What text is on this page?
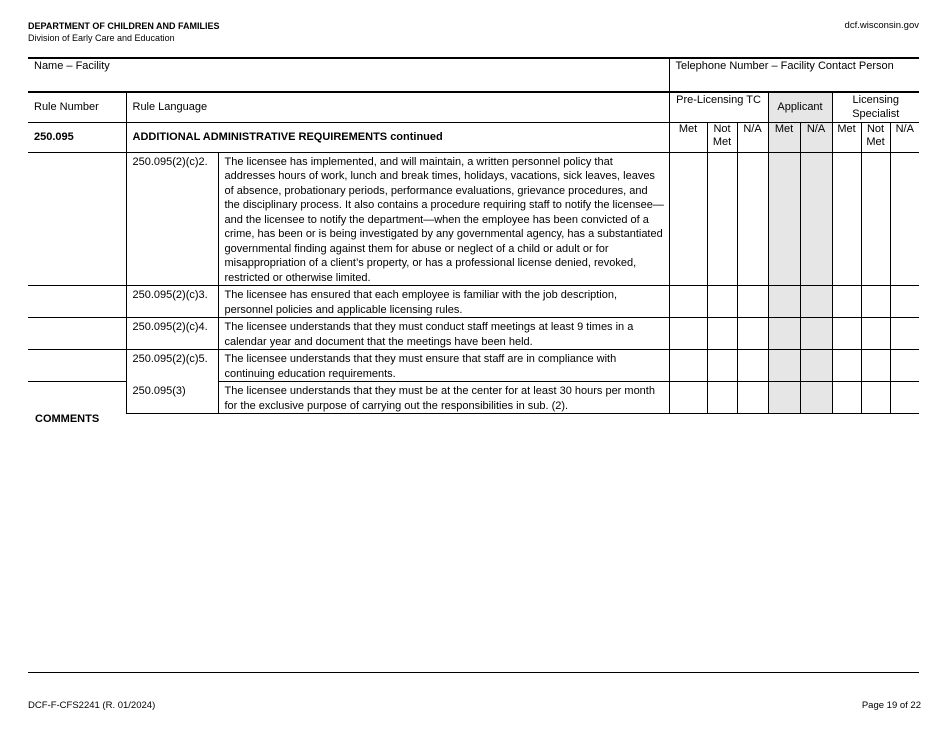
DEPARTMENT OF CHILDREN AND FAMILIES
Division of Early Care and Education
dcf.wisconsin.gov
Name – Facility			Telephone Number – Facility Contact Person							
Rule Number	Rule Language		Pre-Licensing TC			Applicant		Licensing Specialist		
250.095	ADDITIONAL ADMINISTRATIVE REQUIREMENTS continued		Met	Not Met	N/A	Met	N/A	Met	Not Met	N/A
	250.095(2)(c)2.	The licensee has implemented, and will maintain, a written personnel policy that addresses hours of work, lunch and break times, holidays, vacations, sick leaves, leaves of absence, probationary periods, performance evaluations, grievance procedures, and the disciplinary process. It also contains a procedure requiring staff to notify the licensee—and the licensee to notify the department—when the employee has been convicted of a crime, has been or is being investigated by any governmental agency, has a substantiated governmental finding against them for abuse or neglect of a child or adult or for misappropriation of a client’s property, or has a professional license denied, revoked, restricted or otherwise limited.								
	250.095(2)(c)3.	The licensee has ensured that each employee is familiar with the job description, personnel policies and applicable licensing rules.								
	250.095(2)(c)4.	The licensee understands that they must conduct staff meetings at least 9 times in a calendar year and document that the meetings have been held.								
	250.095(2)(c)5.	The licensee understands that they must ensure that staff are in compliance with continuing education requirements.								
	250.095(3)	The licensee understands that they must be at the center for at least 30 hours per month for the exclusive purpose of carrying out the responsibilities in sub. (2).								
COMMENTS
DCF-F-CFS2241 (R. 01/2024)	Page 19 of 22
